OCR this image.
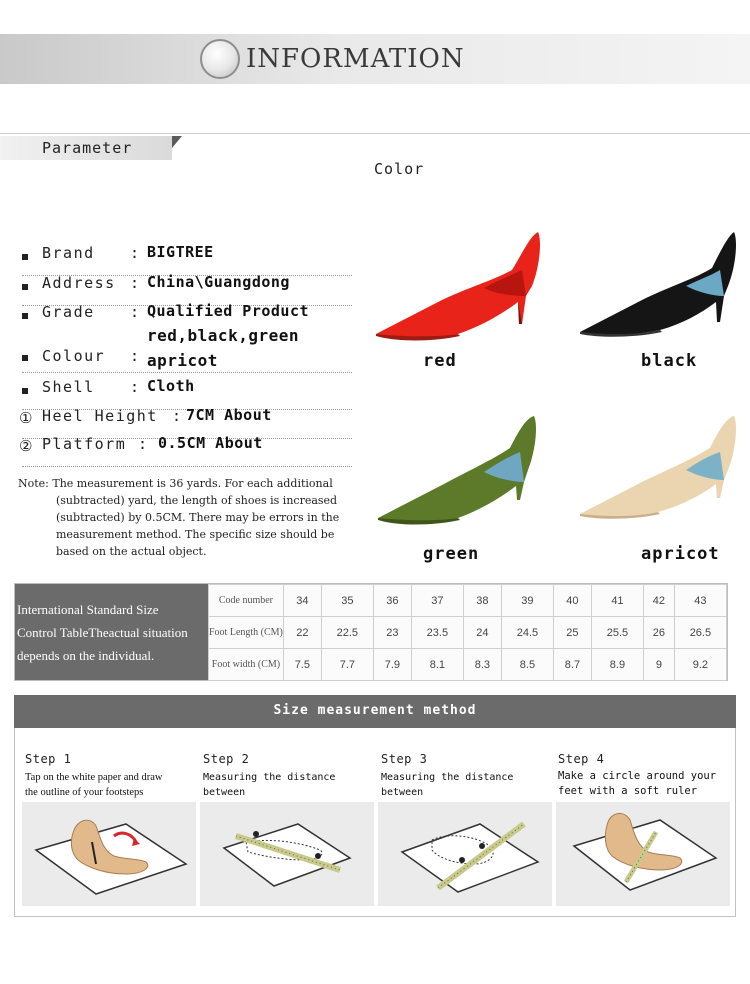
INFORMATION
Parameter
Color
Brand : BIGTREE
Address : China\Guangdong
Grade : Qualified Product
red,black,green
Colour : apricot
Shell : Cloth
① Heel Height : 7CM About
② Platform : 0.5CM About
Note: The measurement is 36 yards. For each additional
(subtracted) yard, the length of shoes is increased
(subtracted) by 0.5CM. There may be errors in the
measurement method. The specific size should be
based on the actual object.
red	black
green	apricot
International Standard Size
Control TableTheactual situation
depends on the individual.
Code number	34	35	36	37	38	39	40	41	42	43
Foot Length (CM)	22	22.5	23	23.5	24	24.5	25	25.5	26	26.5
Foot width (CM)	7.5	7.7	7.9	8.1	8.3	8.5	8.7	8.9	9	9.2
Size measurement method
Step 1
Tap on the white paper and draw
the outline of your footsteps
Step 2
Measuring the distance between
two points is your foot length.
Step 3
Measuring the distance between
two points is your foot width.
Step 4
Make a circle around your
feet with a soft ruler
